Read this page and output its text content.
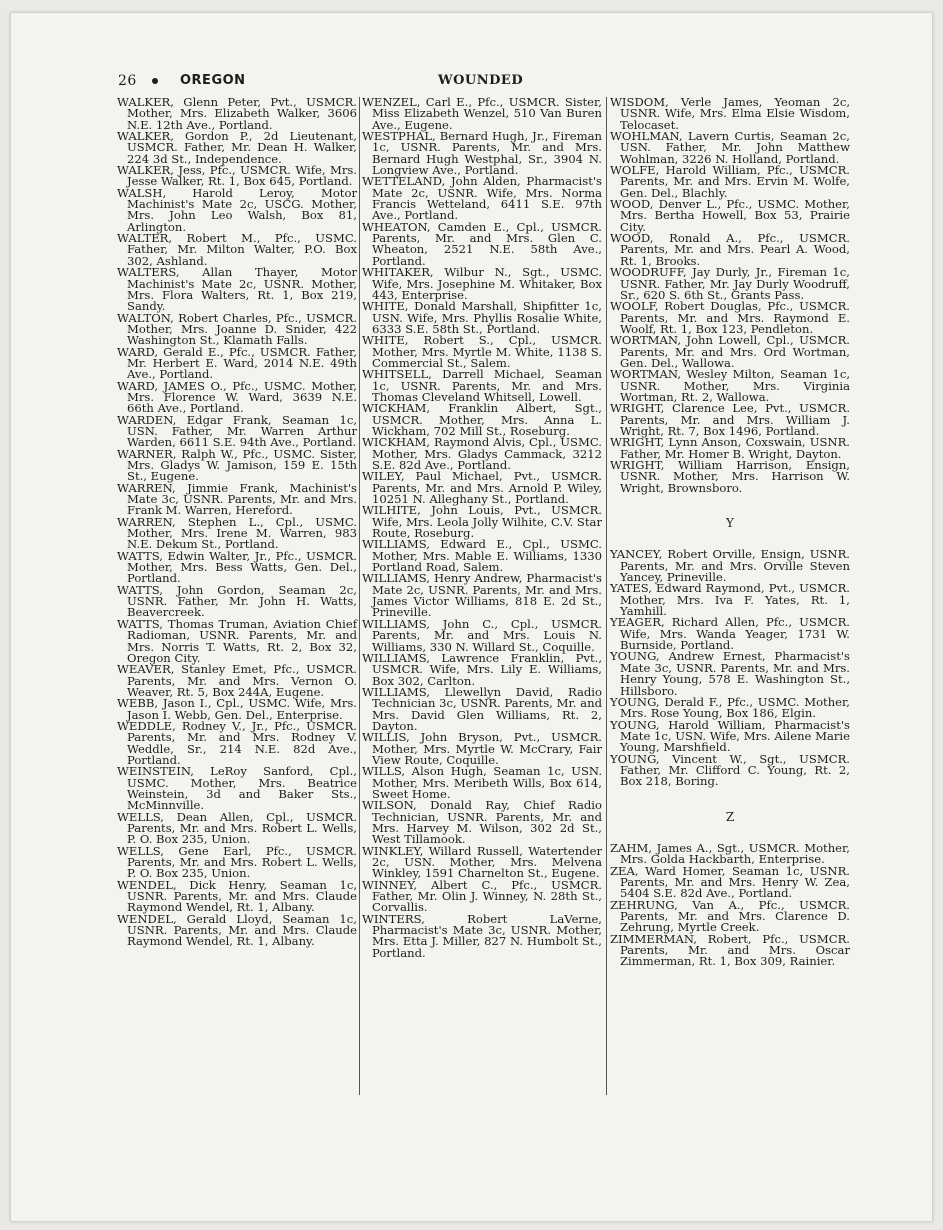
26	OREGON	WOUNDED

WALKER, Glenn Peter, Pvt., USMCR. Mother, Mrs. Elizabeth Walker, 3606 N.E. 12th Ave., Portland.

WALKER, Gordon P., 2d Lieutenant, USMCR. Father, Mr. Dean H. Walker, 224 3d St., Independence.

WALKER, Jess, Pfc., USMCR. Wife, Mrs. Jesse Walker, Rt. 1, Box 645, Portland.

WALSH, Harold Leroy, Motor Machinist's Mate 2c, USCG. Mother, Mrs. John Leo Walsh, Box 81, Arlington.

WALTER, Robert M., Pfc., USMC. Father, Mr. Milton Walter, P.O. Box 302, Ashland.

WALTERS, Allan Thayer, Motor Machinist's Mate 2c, USNR. Mother, Mrs. Flora Walters, Rt. 1, Box 219, Sandy.

WALTON, Robert Charles, Pfc., USMCR. Mother, Mrs. Joanne D. Snider, 422 Washington St., Klamath Falls.

WARD, Gerald E., Pfc., USMCR. Father, Mr. Herbert E. Ward, 2014 N.E. 49th Ave., Portland.

WARD, JAMES O., Pfc., USMC. Mother, Mrs. Florence W. Ward, 3639 N.E. 66th Ave., Portland.

WARDEN, Edgar Frank, Seaman 1c, USN. Father, Mr. Warren Arthur Warden, 6611 S.E. 94th Ave., Portland.

WARNER, Ralph W., Pfc., USMC. Sister, Mrs. Gladys W. Jamison, 159 E. 15th St., Eugene.

WARREN, Jimmie Frank, Machinist's Mate 3c, USNR. Parents, Mr. and Mrs. Frank M. Warren, Hereford.

WARREN, Stephen L., Cpl., USMC. Mother, Mrs. Irene M. Warren, 983 N.E. Dekum St., Portland.

WATTS, Edwin Walter, Jr., Pfc., USMCR. Mother, Mrs. Bess Watts, Gen. Del., Portland.

WATTS, John Gordon, Seaman 2c, USNR. Father, Mr. John H. Watts, Beavercreek.

WATTS, Thomas Truman, Aviation Chief Radioman, USNR. Parents, Mr. and Mrs. Norris T. Watts, Rt. 2, Box 32, Oregon City.

WEAVER, Stanley Emet, Pfc., USMCR. Parents, Mr. and Mrs. Vernon O. Weaver, Rt. 5, Box 244A, Eugene.

WEBB, Jason I., Cpl., USMC. Wife, Mrs. Jason I. Webb, Gen. Del., Enterprise.

WEDDLE, Rodney V., Jr., Pfc., USMCR. Parents, Mr. and Mrs. Rodney V. Weddle, Sr., 214 N.E. 82d Ave., Portland.

WEINSTEIN, LeRoy Sanford, Cpl., USMC. Mother, Mrs. Beatrice Weinstein, 3d and Baker Sts., McMinnville.

WELLS, Dean Allen, Cpl., USMCR. Parents, Mr. and Mrs. Robert L. Wells, P. O. Box 235, Union.

WELLS, Gene Earl, Pfc., USMCR. Parents, Mr. and Mrs. Robert L. Wells, P. O. Box 235, Union.

WENDEL, Dick Henry, Seaman 1c, USNR. Parents, Mr. and Mrs. Claude Raymond Wendel, Rt. 1, Albany.

WENDEL, Gerald Lloyd, Seaman 1c, USNR. Parents, Mr. and Mrs. Claude Raymond Wendel, Rt. 1, Albany.

WENZEL, Carl E., Pfc., USMCR. Sister, Miss Elizabeth Wenzel, 510 Van Buren Ave., Eugene.

WESTPHAL, Bernard Hugh, Jr., Fireman 1c, USNR. Parents, Mr. and Mrs. Bernard Hugh Westphal, Sr., 3904 N. Longview Ave., Portland.

WETTELAND, John Alden, Pharmacist's Mate 2c, USNR. Wife, Mrs. Norma Francis Wetteland, 6411 S.E. 97th Ave., Portland.

WHEATON, Camden E., Cpl., USMCR. Parents, Mr. and Mrs. Glen C. Wheaton, 2521 N.E. 58th Ave., Portland.

WHITAKER, Wilbur N., Sgt., USMC. Wife, Mrs. Josephine M. Whitaker, Box 443, Enterprise.

WHITE, Donald Marshall, Shipfitter 1c, USN. Wife, Mrs. Phyllis Rosalie White, 6333 S.E. 58th St., Portland.

WHITE, Robert S., Cpl., USMCR. Mother, Mrs. Myrtle M. White, 1138 S. Commercial St., Salem.

WHITSELL, Darrell Michael, Seaman 1c, USNR. Parents, Mr. and Mrs. Thomas Cleveland Whitsell, Lowell.

WICKHAM, Franklin Albert, Sgt., USMCR. Mother, Mrs. Anna L. Wickham, 702 Mill St., Roseburg.

WICKHAM, Raymond Alvis, Cpl., USMC. Mother, Mrs. Gladys Cammack, 3212 S.E. 82d Ave., Portland.

WILEY, Paul Michael, Pvt., USMCR. Parents, Mr. and Mrs. Arnold P. Wiley, 10251 N. Alleghany St., Portland.

WILHITE, John Louis, Pvt., USMCR. Wife, Mrs. Leola Jolly Wilhite, C.V. Star Route, Roseburg.

WILLIAMS, Edward E., Cpl., USMC. Mother, Mrs. Mable E. Williams, 1330 Portland Road, Salem.

WILLIAMS, Henry Andrew, Pharmacist's Mate 2c, USNR. Parents, Mr. and Mrs. James Victor Williams, 818 E. 2d St., Prineville.

WILLIAMS, John C., Cpl., USMCR. Parents, Mr. and Mrs. Louis N. Williams, 330 N. Willard St., Coquille.

WILLIAMS, Lawrence Franklin, Pvt., USMCR. Wife, Mrs. Lily E. Williams, Box 302, Carlton.

WILLIAMS, Llewellyn David, Radio Technician 3c, USNR. Parents, Mr. and Mrs. David Glen Williams, Rt. 2, Dayton.

WILLIS, John Bryson, Pvt., USMCR. Mother, Mrs. Myrtle W. McCrary, Fair View Route, Coquille.

WILLS, Alson Hugh, Seaman 1c, USN. Mother, Mrs. Meribeth Wills, Box 614, Sweet Home.

WILSON, Donald Ray, Chief Radio Technician, USNR. Parents, Mr. and Mrs. Harvey M. Wilson, 302 2d St., West Tillamook.

WINKLEY, Willard Russell, Watertender 2c, USN. Mother, Mrs. Melvena Winkley, 1591 Charnelton St., Eugene.

WINNEY, Albert C., Pfc., USMCR. Father, Mr. Olin J. Winney, N. 28th St., Corvallis.

WINTERS, Robert LaVerne, Pharmacist's Mate 3c, USNR. Mother, Mrs. Etta J. Miller, 827 N. Humbolt St., Portland.

WISDOM, Verle James, Yeoman 2c, USNR. Wife, Mrs. Elma Elsie Wisdom, Telocaset.

WOHLMAN, Lavern Curtis, Seaman 2c, USN. Father, Mr. John Matthew Wohlman, 3226 N. Holland, Portland.

WOLFE, Harold William, Pfc., USMCR. Parents, Mr. and Mrs. Ervin M. Wolfe, Gen. Del., Blachly.

WOOD, Denver L., Pfc., USMC. Mother, Mrs. Bertha Howell, Box 53, Prairie City.

WOOD, Ronald A., Pfc., USMCR. Parents, Mr. and Mrs. Pearl A. Wood, Rt. 1, Brooks.

WOODRUFF, Jay Durly, Jr., Fireman 1c, USNR. Father, Mr. Jay Durly Woodruff, Sr., 620 S. 6th St., Grants Pass.

WOOLF, Robert Douglas, Pfc., USMCR. Parents, Mr. and Mrs. Raymond E. Woolf, Rt. 1, Box 123, Pendleton.

WORTMAN, John Lowell, Cpl., USMCR. Parents, Mr. and Mrs. Ord Wortman, Gen. Del., Wallowa.

WORTMAN, Wesley Milton, Seaman 1c, USNR. Mother, Mrs. Virginia Wortman, Rt. 2, Wallowa.

WRIGHT, Clarence Lee, Pvt., USMCR. Parents, Mr. and Mrs. William J. Wright, Rt. 7, Box 1496, Portland.

WRIGHT, Lynn Anson, Coxswain, USNR. Father, Mr. Homer B. Wright, Dayton.

WRIGHT, William Harrison, Ensign, USNR. Mother, Mrs. Harrison W. Wright, Brownsboro.

Y

YANCEY, Robert Orville, Ensign, USNR. Parents, Mr. and Mrs. Orville Steven Yancey, Prineville.

YATES, Edward Raymond, Pvt., USMCR. Mother, Mrs. Iva F. Yates, Rt. 1, Yamhill.

YEAGER, Richard Allen, Pfc., USMCR. Wife, Mrs. Wanda Yeager, 1731 W. Burnside, Portland.

YOUNG, Andrew Ernest, Pharmacist's Mate 3c, USNR. Parents, Mr. and Mrs. Henry Young, 578 E. Washington St., Hillsboro.

YOUNG, Derald F., Pfc., USMC. Mother, Mrs. Rose Young, Box 186, Elgin.

YOUNG, Harold William, Pharmacist's Mate 1c, USN. Wife, Mrs. Ailene Marie Young, Marshfield.

YOUNG, Vincent W., Sgt., USMCR. Father, Mr. Clifford C. Young, Rt. 2, Box 218, Boring.

Z

ZAHM, James A., Sgt., USMCR. Mother, Mrs. Golda Hackbarth, Enterprise.

ZEA, Ward Homer, Seaman 1c, USNR. Parents, Mr. and Mrs. Henry W. Zea, 5404 S.E. 82d Ave., Portland.

ZEHRUNG, Van A., Pfc., USMCR. Parents, Mr. and Mrs. Clarence D. Zehrung, Myrtle Creek.

ZIMMERMAN, Robert, Pfc., USMCR. Parents, Mr. and Mrs. Oscar Zimmerman, Rt. 1, Box 309, Rainier.
